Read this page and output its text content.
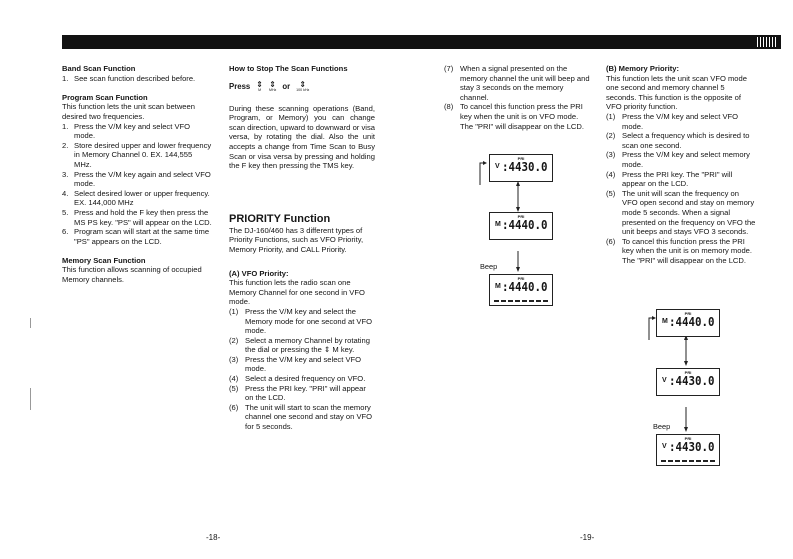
Band Scan Function

1. See scan function described before.

Program Scan Function

This function lets the unit scan between desired two frequencies.

1. Press the V/M key and select VFO mode.
2. Store desired upper and lower frequency in Memory Channel 0. EX. 144,555 MHz.
3. Press the V/M key again and select VFO mode.
4. Select desired lower or upper frequency. EX. 144,000 MHz
5. Press and hold the F key then press the MS PS key. "PS" will appear on the LCD.
6. Program scan will start at the same time "PS" appears on the LCD.

Memory Scan Function

This function allows scanning of occupied Memory channels.

How to Stop The Scan Functions

Press ⇕
M
⇕
MHz or ⇕
100 kHz

During these scanning operations (Band, Program, or Memory) you can change scan direction, upward to downward or visa versa, by rotating the dial. Also the unit accepts a change from Time Scan to Busy Scan or visa versa by pressing and holding the F key then pressing the TMS key.

PRIORITY Function

The DJ-160/460 has 3 different types of Priority Functions, such as VFO Priority, Memory Priority, and CALL Priority.

(A) VFO Priority:

This function lets the radio scan one Memory Channel for one second in VFO mode.

(1) Press the V/M key and select the Memory mode for one second at VFO mode.
(2) Select a memory Channel by rotating the dial or pressing the ⇕ M key.
(3) Press the V/M key and select VFO mode.
(4) Select a desired frequency on VFO.
(5) Press the PRI key. "PRI" will appear on the LCD.
(6) The unit will start to scan the memory channel one second and stay on VFO for 5 seconds.
-18-
(7) When a signal presented on the memory channel the unit will beep and stay 3 seconds on the memory channel.
(8) To cancel this function press the PRI key when the unit is on VFO mode. The "PRI" will disappear on the LCD.
PRI
V :4430.0
PRI
M :4440.0
Beep
PRI
M :4440.0

(B) Memory Priority:

This function lets the unit scan VFO mode one second and memory channel 5 seconds. This function is the opposite of VFO priority function.

(1) Press the V/M key and select VFO mode.
(2) Select a frequency which is desired to scan one second.
(3) Press the V/M key and select memory mode.
(4) Press the PRI key. The "PRI" will appear on the LCD.
(5) The unit will scan the frequency on VFO open second and stay on memory mode 5 seconds. When a signal presented on the frequency on VFO the unit beeps and stays VFO 3 seconds.
(6) To cancel this function press the PRI key when the unit is on memory mode. The "PRI" will disappear on the LCD.
PRI
M :4440.0
PRI
V :4430.0
Beep
PRI
V :4430.0
-19-
